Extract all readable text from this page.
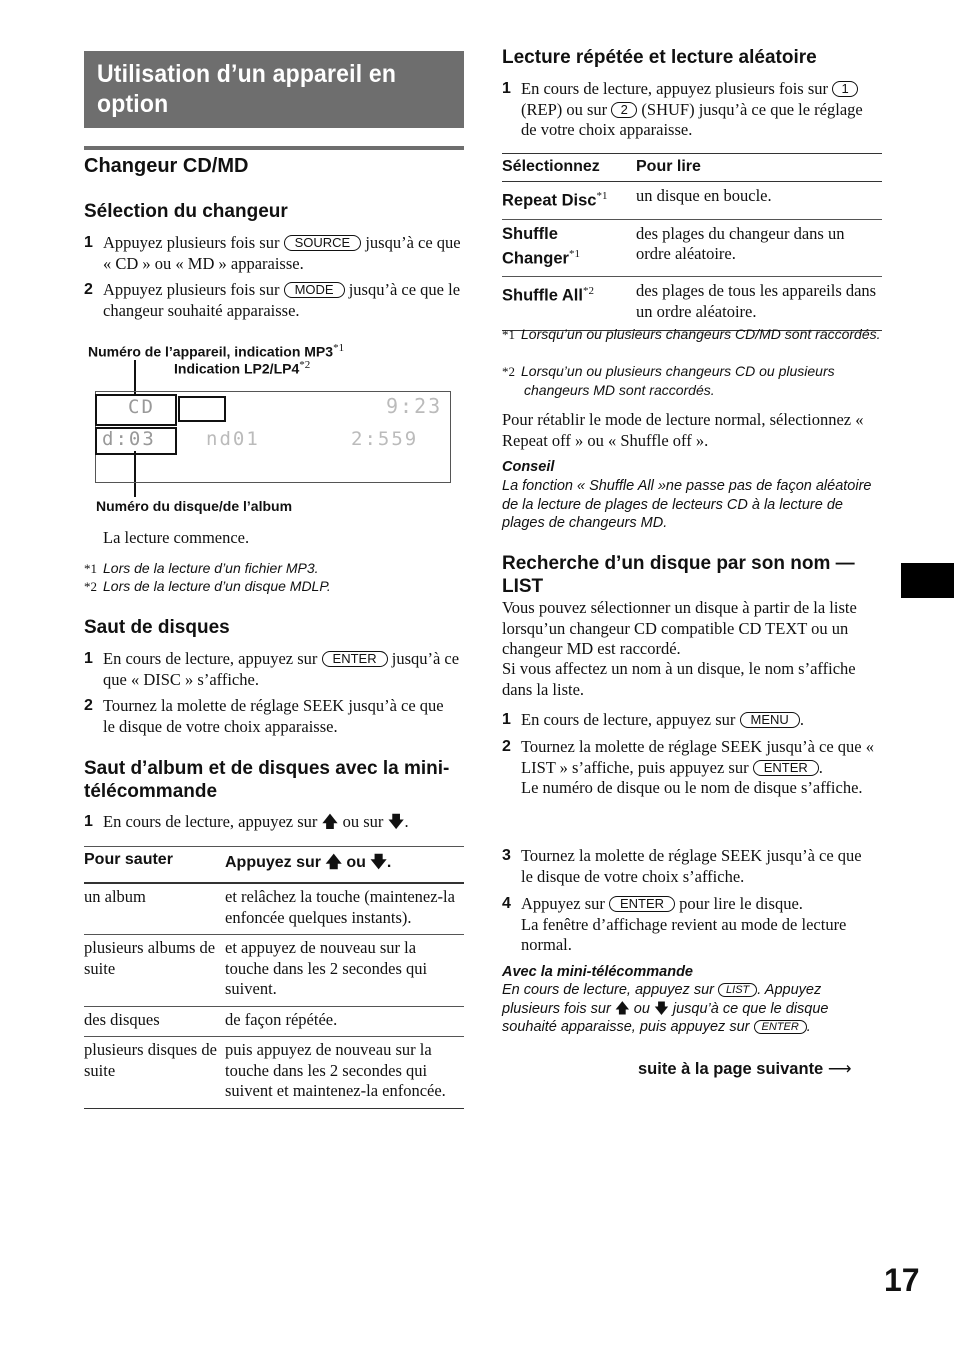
Utilisation d’un appareil en option
Changeur CD/MD
Sélection du changeur
1 Appuyez plusieurs fois sur SOURCE jusqu’à ce que « CD » ou « MD » apparaisse.
2 Appuyez plusieurs fois sur MODE jusqu’à ce que le changeur souhaité apparaisse.
Numéro de l’appareil, indication MP3$^{*1}$
Indication LP2/LP4$^{*2}$
CD	9:23
d:03	nd01	2:559
Numéro du disque/de l’album
La lecture commence.
*1 Lors de la lecture d’un fichier MP3.
*2 Lors de la lecture d’un disque MDLP.
Saut de disques
1 En cours de lecture, appuyez sur ENTER jusqu’à ce que « DISC » s’affiche.
2 Tournez la molette de réglage SEEK jusqu’à ce que le disque de votre choix apparaisse.
Saut d’album et de disques avec la mini-télécommande
1 En cours de lecture, appuyez sur 🡅 ou sur 🡇.
Pour sauter	Appuyez sur 🡅 ou 🡇.
un album	et relâchez la touche (maintenez-la enfoncée quelques instants).
plusieurs albums de suite	et appuyez de nouveau sur la touche dans les 2 secondes qui suivent.
des disques	de façon répétée.
plusieurs disques de suite	puis appuyez de nouveau sur la touche dans les 2 secondes qui suivent et maintenez-la enfoncée.
Lecture répétée et lecture aléatoire
1 En cours de lecture, appuyez plusieurs fois sur 1 (REP) ou sur 2 (SHUF) jusqu’à ce que le réglage de votre choix apparaisse.
Sélectionnez	Pour lire
Repeat Disc$^{*1}$	un disque en boucle.
Shuffle Changer$^{*1}$	des plages du changeur dans un ordre aléatoire.
Shuffle All$^{*2}$	des plages de tous les appareils dans un ordre aléatoire.
*1 Lorsqu’un ou plusieurs changeurs CD/MD sont raccordés.
*2 Lorsqu’un ou plusieurs changeurs CD ou plusieurs changeurs MD sont raccordés.
Pour rétablir le mode de lecture normal, sélectionnez « Repeat off » ou « Shuffle off ».
Conseil
La fonction « Shuffle All »ne passe pas de façon aléatoire de la lecture de plages de lecteurs CD à la lecture de plages de changeurs MD.
Recherche d’un disque par son nom — LIST
Vous pouvez sélectionner un disque à partir de la liste lorsqu’un changeur CD compatible CD TEXT ou un changeur MD est raccordé.
Si vous affectez un nom à un disque, le nom s’affiche dans la liste.
1 En cours de lecture, appuyez sur MENU .
2 Tournez la molette de réglage SEEK jusqu’à ce que « LIST » s’affiche, puis appuyez sur ENTER .
Le numéro de disque ou le nom de disque s’affiche.
3 Tournez la molette de réglage SEEK jusqu’à ce que le disque de votre choix s’affiche.
4 Appuyez sur ENTER pour lire le disque.
La fenêtre d’affichage revient au mode de lecture normal.
Avec la mini-télécommande
En cours de lecture, appuyez sur LIST . Appuyez plusieurs fois sur 🡅 ou 🡇 jusqu’à ce que le disque souhaité apparaisse, puis appuyez sur ENTER .
suite à la page suivante ⟶
17
